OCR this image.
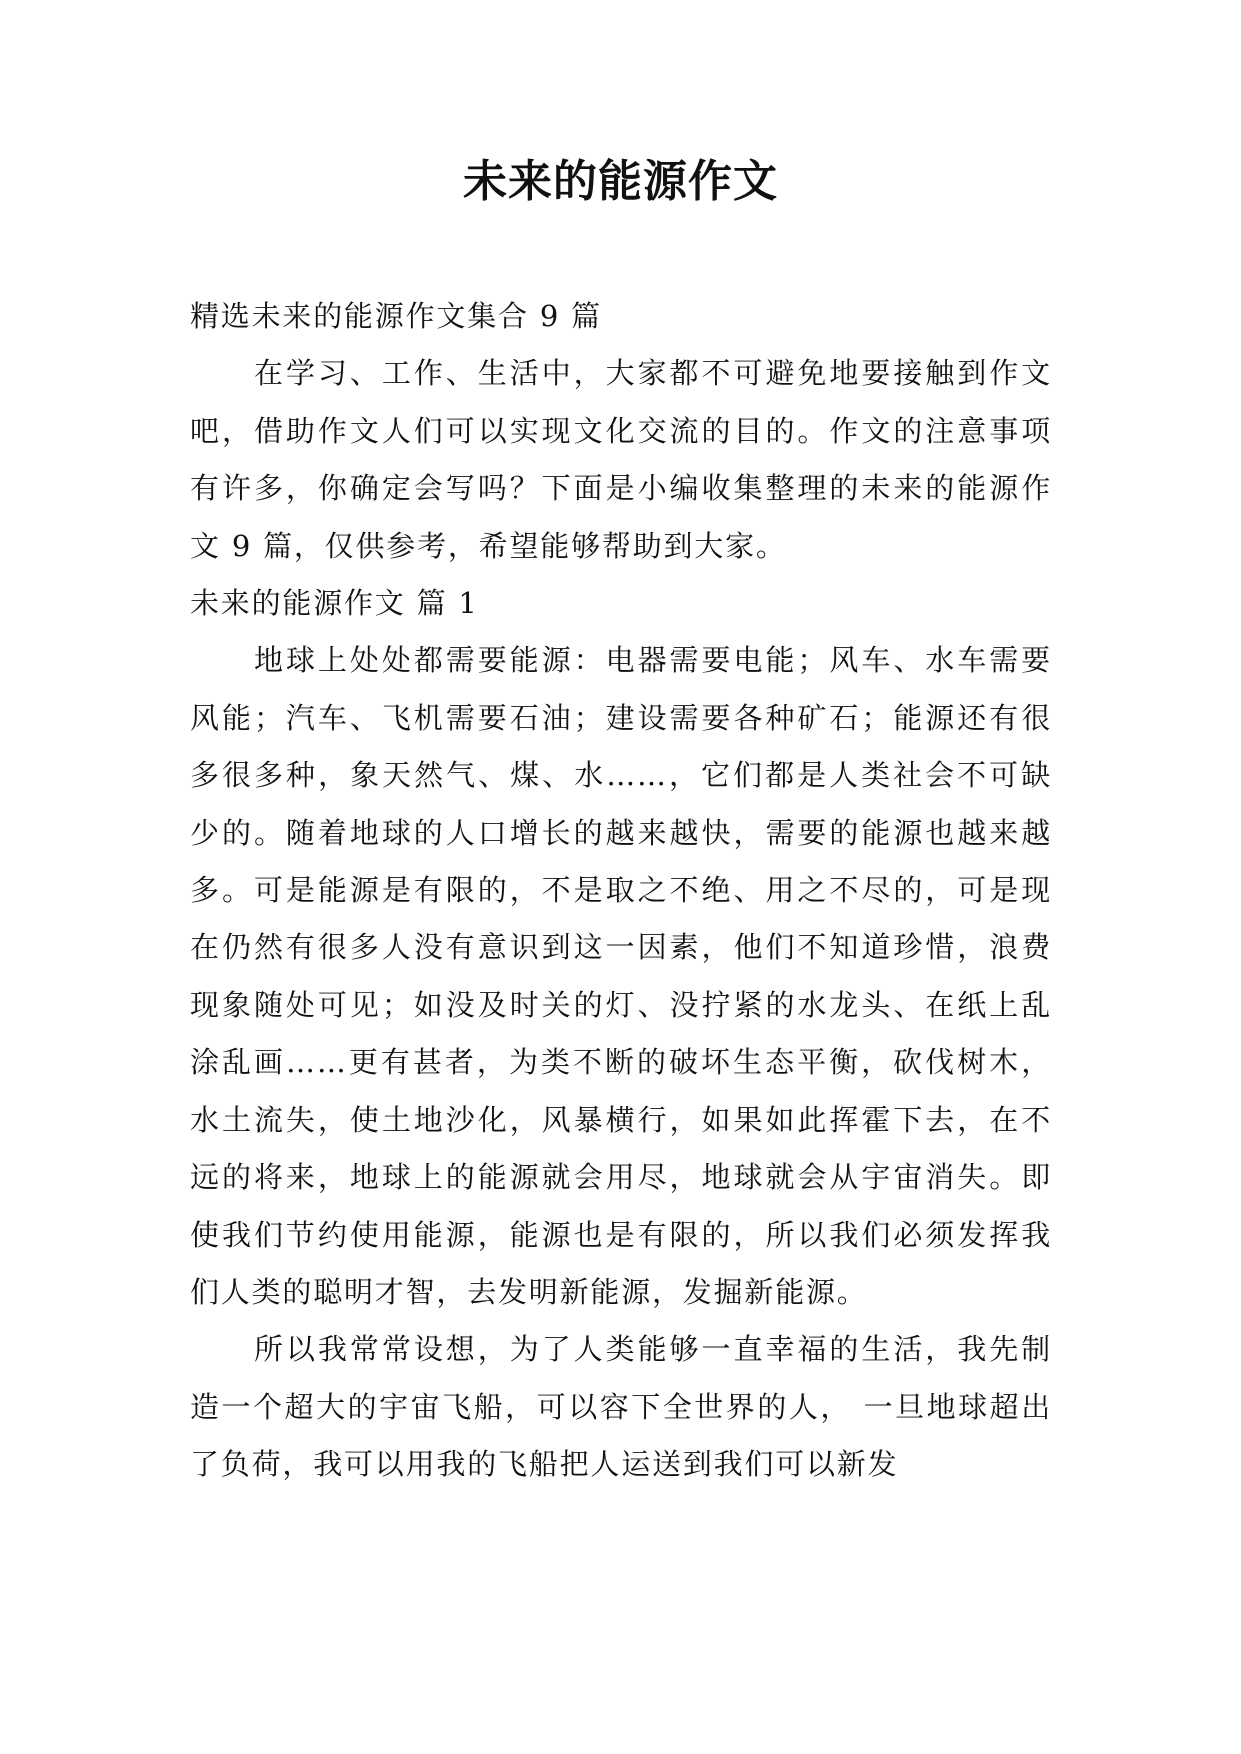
未来的能源作文

精选未来的能源作文集合 9 篇

在学习、工作、生活中，大家都不可避免地要接触到作文吧，借助作文人们可以实现文化交流的目的。作文的注意事项有许多，你确定会写吗？下面是小编收集整理的未来的能源作文 9 篇，仅供参考，希望能够帮助到大家。

未来的能源作文 篇 1

地球上处处都需要能源：电器需要电能；风车、水车需要风能；汽车、飞机需要石油；建设需要各种矿石；能源还有很多很多种，象天然气、煤、水……，它们都是人类社会不可缺少的。随着地球的人口增长的越来越快，需要的能源也越来越多。可是能源是有限的，不是取之不绝、用之不尽的，可是现在仍然有很多人没有意识到这一因素，他们不知道珍惜，浪费现象随处可见；如没及时关的灯、没拧紧的水龙头、在纸上乱涂乱画……更有甚者，为类不断的破坏生态平衡，砍伐树木，水土流失，使土地沙化，风暴横行，如果如此挥霍下去，在不远的将来，地球上的能源就会用尽，地球就会从宇宙消失。即使我们节约使用能源，能源也是有限的，所以我们必须发挥我们人类的聪明才智，去发明新能源，发掘新能源。

所以我常常设想，为了人类能够一直幸福的生活，我先制造一个超大的宇宙飞船，可以容下全世界的人， 一旦地球超出了负荷，我可以用我的飞船把人运送到我们可以新发
